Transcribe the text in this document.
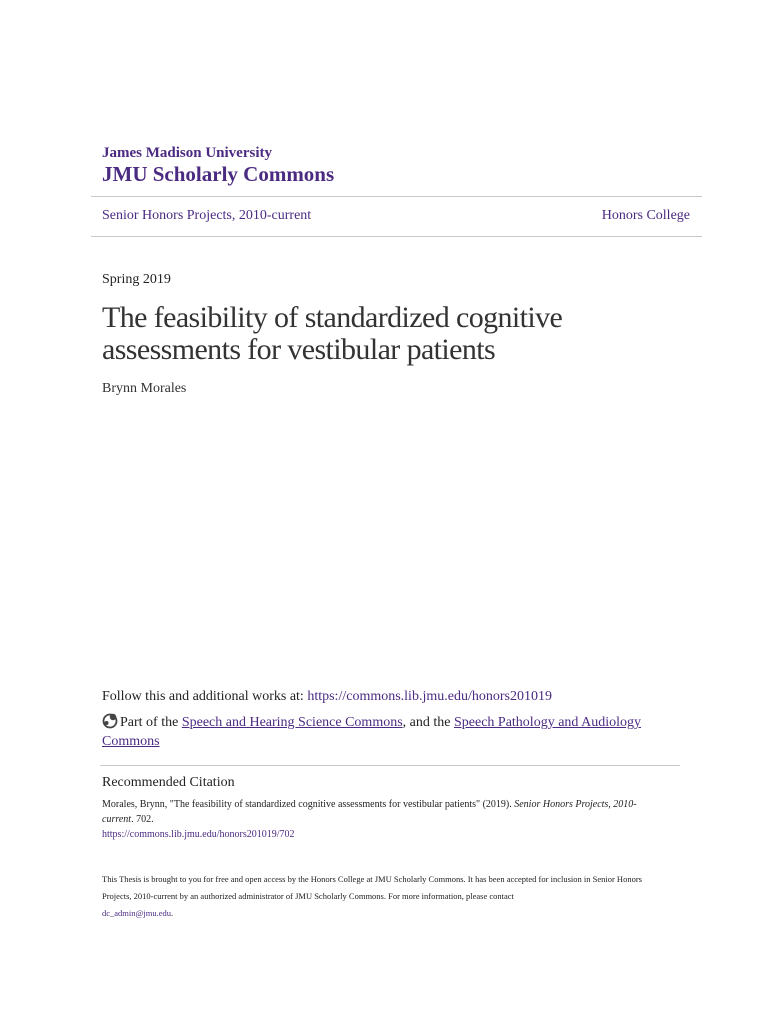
James Madison University
JMU Scholarly Commons
Senior Honors Projects, 2010-current	Honors College
Spring 2019
The feasibility of standardized cognitive
assessments for vestibular patients
Brynn Morales
Follow this and additional works at: https://commons.lib.jmu.edu/honors201019
Part of the Speech and Hearing Science Commons, and the Speech Pathology and Audiology Commons
Recommended Citation
Morales, Brynn, "The feasibility of standardized cognitive assessments for vestibular patients" (2019). Senior Honors Projects, 2010-current. 702.
https://commons.lib.jmu.edu/honors201019/702
This Thesis is brought to you for free and open access by the Honors College at JMU Scholarly Commons. It has been accepted for inclusion in Senior Honors Projects, 2010-current by an authorized administrator of JMU Scholarly Commons. For more information, please contact
dc_admin@jmu.edu.
